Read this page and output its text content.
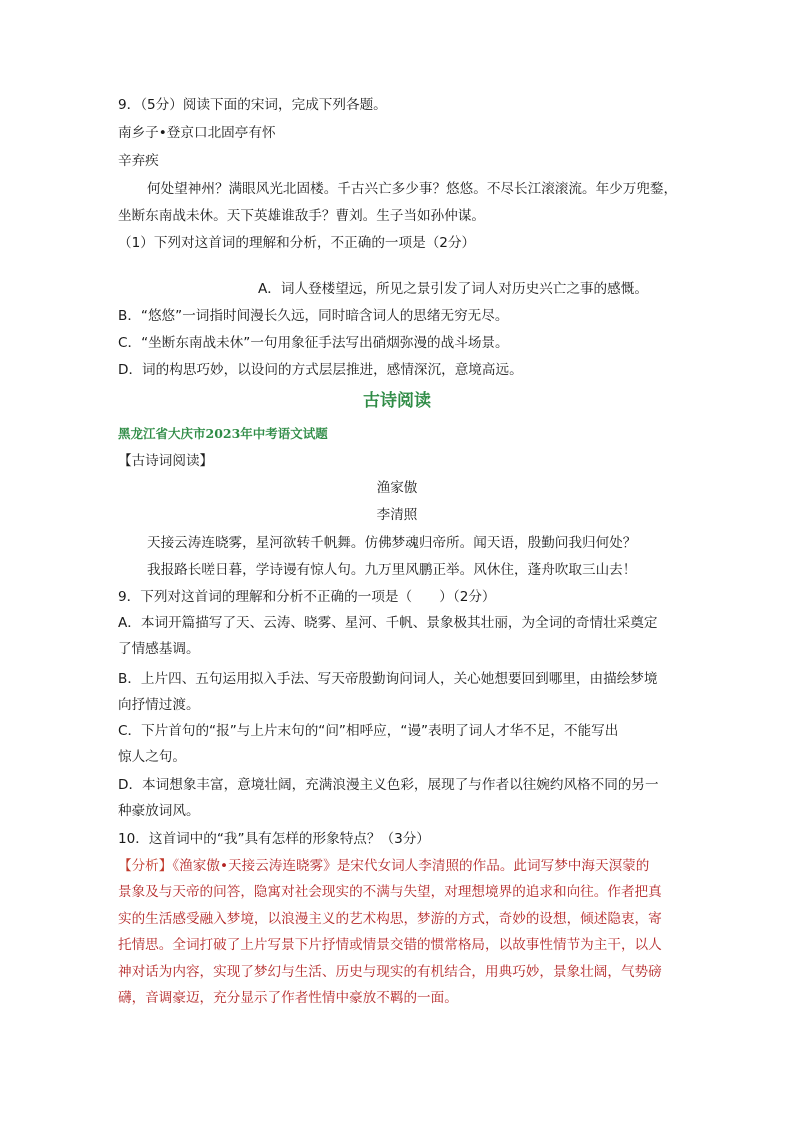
9．（5分）阅读下面的宋词，完成下列各题。
南乡子•登京口北固亭有怀
辛弃疾
何处望神州？满眼风光北固楼。千古兴亡多少事？悠悠。不尽长江滚滚流。年少万兜鍪，
坐断东南战未休。天下英雄谁敌手？曹刘。生子当如孙仲谋。
（1）下列对这首词的理解和分析，不正确的一项是（2分）
A．词人登楼望远，所见之景引发了词人对历史兴亡之事的感慨。
B．“悠悠”一词指时间漫长久远，同时暗含词人的思绪无穷无尽。
C．“坐断东南战未休”一句用象征手法写出硝烟弥漫的战斗场景。
D．词的构思巧妙，以设问的方式层层推进，感情深沉，意境高远。
古诗阅读
黑龙江省大庆市2023年中考语文试题
【古诗词阅读】
渔家傲
李清照
天接云涛连晓雾，星河欲转千帆舞。仿佛梦魂归帝所。闻天语，殷勤问我归何处？
我报路长嗟日暮，学诗谩有惊人句。九万里风鹏正举。风休住，蓬舟吹取三山去！
9．下列对这首词的理解和分析不正确的一项是（　　）（2分）
A．本词开篇描写了天、云涛、晓雾、星河、千帆、景象极其壮丽，为全词的奇情壮采奠定
了情感基调。
B．上片四、五句运用拟入手法、写天帝殷勤询问词人，关心她想要回到哪里，由描绘梦境
向抒情过渡。
C．下片首句的“报”与上片末句的“问”相呼应，“谩”表明了词人才华不足，不能写出
惊人之句。
D．本词想象丰富，意境壮阔，充满浪漫主义色彩，展现了与作者以往婉约风格不同的另一
种豪放词风。
10．这首词中的“我”具有怎样的形象特点？（3分）
【分析】《渔家傲•天接云涛连晓雾》是宋代女词人李清照的作品。此词写梦中海天溟蒙的
景象及与天帝的问答，隐寓对社会现实的不满与失望，对理想境界的追求和向往。作者把真
实的生活感受融入梦境，以浪漫主义的艺术构思，梦游的方式，奇妙的设想，倾述隐衷，寄
托情思。全词打破了上片写景下片抒情或情景交错的惯常格局，以故事性情节为主干，以人
神对话为内容，实现了梦幻与生活、历史与现实的有机结合，用典巧妙，景象壮阔，气势磅
礴，音调豪迈，充分显示了作者性情中豪放不羁的一面。
